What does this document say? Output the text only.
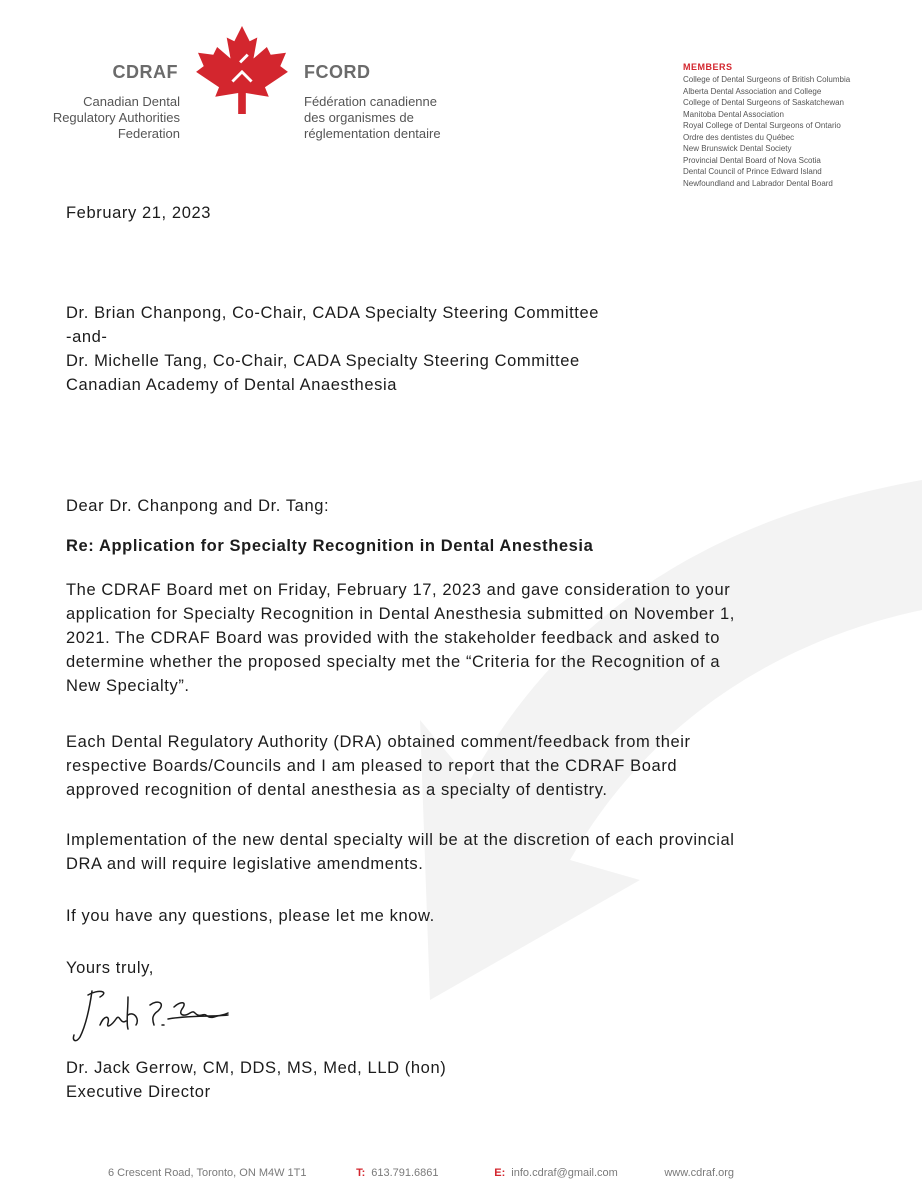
CDRAF
Canadian Dental
Regulatory Authorities
Federation
FCORD
Fédération canadienne
des organismes de
réglementation dentaire
MEMBERS
College of Dental Surgeons of British Columbia
Alberta Dental Association and College
College of Dental Surgeons of Saskatchewan
Manitoba Dental Association
Royal College of Dental Surgeons of Ontario
Ordre des dentistes du Québec
New Brunswick Dental Society
Provincial Dental Board of Nova Scotia
Dental Council of Prince Edward Island
Newfoundland and Labrador Dental Board
February 21, 2023
Dr. Brian Chanpong, Co-Chair, CADA Specialty Steering Committee
-and-
Dr. Michelle Tang, Co-Chair, CADA Specialty Steering Committee
Canadian Academy of Dental Anaesthesia
Dear Dr. Chanpong and Dr. Tang:
Re: Application for Specialty Recognition in Dental Anesthesia
The CDRAF Board met on Friday, February 17, 2023 and gave consideration to your
application for Specialty Recognition in Dental Anesthesia submitted on November 1,
2021. The CDRAF Board was provided with the stakeholder feedback and asked to
determine whether the proposed specialty met the “Criteria for the Recognition of a
New Specialty”.
Each Dental Regulatory Authority (DRA) obtained comment/feedback from their
respective Boards/Councils and I am pleased to report that the CDRAF Board
approved recognition of dental anesthesia as a specialty of dentistry.
Implementation of the new dental specialty will be at the discretion of each provincial
DRA and will require legislative amendments.
If you have any questions, please let me know.
Yours truly,
Dr. Jack Gerrow, CM, DDS, MS, Med, LLD (hon)
Executive Director
6 Crescent Road, Toronto, ON M4W 1T1	T: 613.791.6861	E: info.cdraf@gmail.com	www.cdraf.org
